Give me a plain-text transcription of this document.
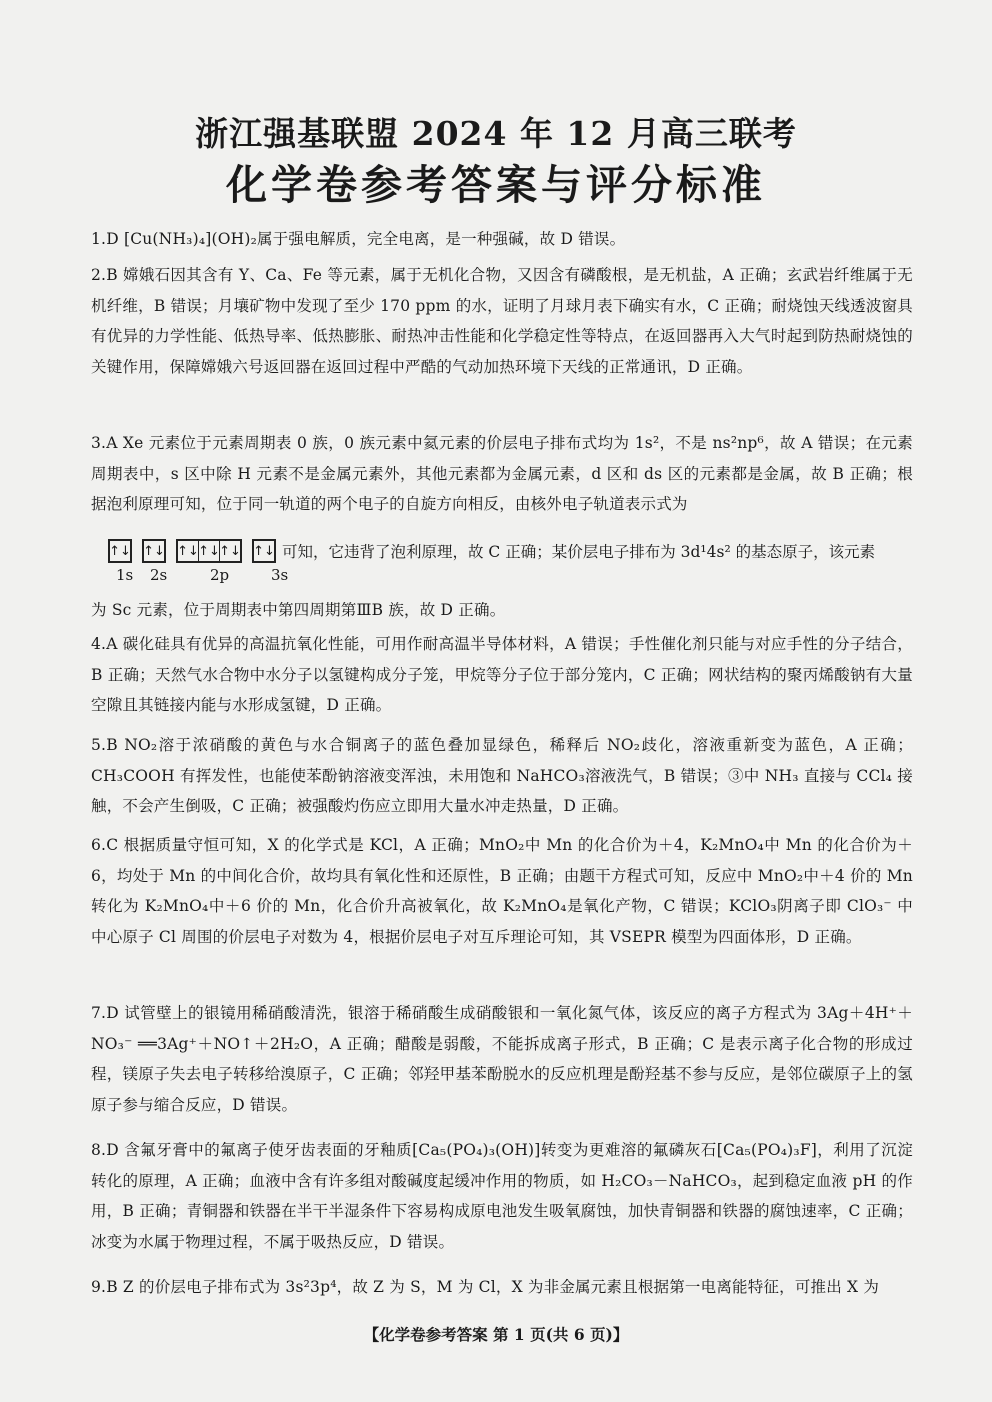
浙江强基联盟 2024 年 12 月高三联考
化学卷参考答案与评分标准

1.D [Cu(NH₃)₄](OH)₂属于强电解质，完全电离，是一种强碱，故 D 错误。

2.B 嫦娥石因其含有 Y、Ca、Fe 等元素，属于无机化合物，又因含有磷酸根，是无机盐，A 正确；玄武岩纤维属于无机纤维，B 错误；月壤矿物中发现了至少 170 ppm 的水，证明了月球月表下确实有水，C 正确；耐烧蚀天线透波窗具有优异的力学性能、低热导率、低热膨胀、耐热冲击性能和化学稳定性等特点，在返回器再入大气时起到防热耐烧蚀的关键作用，保障嫦娥六号返回器在返回过程中严酷的气动加热环境下天线的正常通讯，D 正确。

3.A Xe 元素位于元素周期表 0 族，0 族元素中氦元素的价层电子排布式均为 1s²，不是 ns²np⁶，故 A 错误；在元素周期表中，s 区中除 H 元素不是金属元素外，其他元素都为金属元素，d 区和 ds 区的元素都是金属，故 B 正确；根据泡利原理可知，位于同一轨道的两个电子的自旋方向相反，由核外电子轨道表示式为

↑↓ ↑↓ ↑↓ ↑↓ ↑↓ ↑↓ 可知，它违背了泡利原理，故 C 正确；某价层电子排布为 3d¹4s² 的基态原子，该元素
1s 2s	2p	3s

为 Sc 元素，位于周期表中第四周期第ⅢB 族，故 D 正确。

4.A 碳化硅具有优异的高温抗氧化性能，可用作耐高温半导体材料，A 错误；手性催化剂只能与对应手性的分子结合，B 正确；天然气水合物中水分子以氢键构成分子笼，甲烷等分子位于部分笼内，C 正确；网状结构的聚丙烯酸钠有大量空隙且其链接内能与水形成氢键，D 正确。

5.B NO₂溶于浓硝酸的黄色与水合铜离子的蓝色叠加显绿色，稀释后 NO₂歧化，溶液重新变为蓝色，A 正确；CH₃COOH 有挥发性，也能使苯酚钠溶液变浑浊，未用饱和 NaHCO₃溶液洗气，B 错误；③中 NH₃ 直接与 CCl₄ 接触，不会产生倒吸，C 正确；被强酸灼伤应立即用大量水冲走热量，D 正确。

6.C 根据质量守恒可知，X 的化学式是 KCl，A 正确；MnO₂中 Mn 的化合价为＋4，K₂MnO₄中 Mn 的化合价为＋6，均处于 Mn 的中间化合价，故均具有氧化性和还原性，B 正确；由题干方程式可知，反应中 MnO₂中＋4 价的 Mn 转化为 K₂MnO₄中＋6 价的 Mn，化合价升高被氧化，故 K₂MnO₄是氧化产物，C 错误；KClO₃阴离子即 ClO₃⁻ 中中心原子 Cl 周围的价层电子对数为 4，根据价层电子对互斥理论可知，其 VSEPR 模型为四面体形，D 正确。

7.D 试管壁上的银镜用稀硝酸清洗，银溶于稀硝酸生成硝酸银和一氧化氮气体，该反应的离子方程式为 3Ag＋4H⁺＋NO₃⁻ ══3Ag⁺＋NO↑＋2H₂O，A 正确；醋酸是弱酸，不能拆成离子形式，B 正确；C 是表示离子化合物的形成过程，镁原子失去电子转移给溴原子，C 正确；邻羟甲基苯酚脱水的反应机理是酚羟基不参与反应，是邻位碳原子上的氢原子参与缩合反应，D 错误。

8.D 含氟牙膏中的氟离子使牙齿表面的牙釉质[Ca₅(PO₄)₃(OH)]转变为更难溶的氟磷灰石[Ca₅(PO₄)₃F]，利用了沉淀转化的原理，A 正确；血液中含有许多组对酸碱度起缓冲作用的物质，如 H₂CO₃－NaHCO₃，起到稳定血液 pH 的作用，B 正确；青铜器和铁器在半干半湿条件下容易构成原电池发生吸氧腐蚀，加快青铜器和铁器的腐蚀速率，C 正确；冰变为水属于物理过程，不属于吸热反应，D 错误。

9.B Z 的价层电子排布式为 3s²3p⁴，故 Z 为 S，M 为 Cl，X 为非金属元素且根据第一电离能特征，可推出 X 为

【化学卷参考答案 第 1 页(共 6 页)】
